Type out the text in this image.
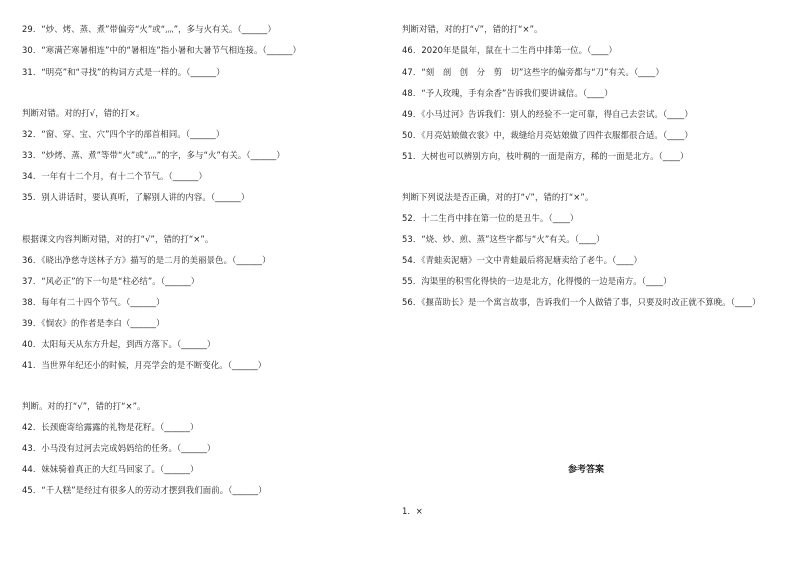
29．“炒、烤、蒸、煮”带偏旁“火”或“灬”，多与火有关。（______）
30．“寒满芒寒暑相连”中的“暑相连”指小暑和大暑节气相连接。（______）
31．“明亮”和“寻找”的构词方式是一样的。（______）
判断对错。对的打√，错的打×。
32．“窗、穿、宝、穴”四个字的部首相同。（______）
33．“炒烤、蒸、煮”等带“火”或“灬”的字，多与“火”有关。（______）
34．一年有十二个月，有十二个节气。（______）
35．别人讲话时，要认真听，了解别人讲的内容。（______）
根据课文内容判断对错，对的打“√”，错的打“×”。
36．《晓出净慈寺送林子方》描写的是二月的美丽景色。（______）
37．“风必正”的下一句是“柱必结”。（______）
38．每年有二十四个节气。（______）
39．《悯农》的作者是李白（______）
40．太阳每天从东方升起，到西方落下。（______）
41．当世界年纪还小的时候，月亮学会的是不断变化。（______）
判断。对的打“√”，错的打“×”。
42．长颈鹿寄给露露的礼物是花籽。（______）
43．小马没有过河去完成妈妈给的任务。（______）
44．妹妹骑着真正的大红马回家了。（______）
45．“千人糕”是经过有很多人的劳动才摆到我们面前。（______）
判断对错，对的打“√”，错的打“×”。
46．2020年是鼠年，鼠在十二生肖中排第一位。（____）
47．“刻　剖　创　分　剪　切”这些字的偏旁都与“刀”有关。（____）
48．“予人玫瑰，手有余香”告诉我们要讲诚信。（____）
49．《小马过河》告诉我们：别人的经验不一定可靠，得自己去尝试。（____）
50．《月亮姑娘做衣裳》中，裁缝给月亮姑娘做了四件衣服都很合适。（____）
51．大树也可以辨别方向，枝叶稠的一面是南方，稀的一面是北方。（____）
判断下列说法是否正确，对的打“√”，错的打“×”。
52．十二生肖中排在第一位的是丑牛。（____）
53．“烧、炒、煎、蒸”这些字都与“火”有关。（____）
54．《青蛙卖泥塘》一文中青蛙最后将泥塘卖给了老牛。（____）
55．沟渠里的积雪化得快的一边是北方，化得慢的一边是南方。（____）
56．《揠苗助长》是一个寓言故事，告诉我们一个人做错了事，只要及时改正就不算晚。（____）
参考答案
1．×
